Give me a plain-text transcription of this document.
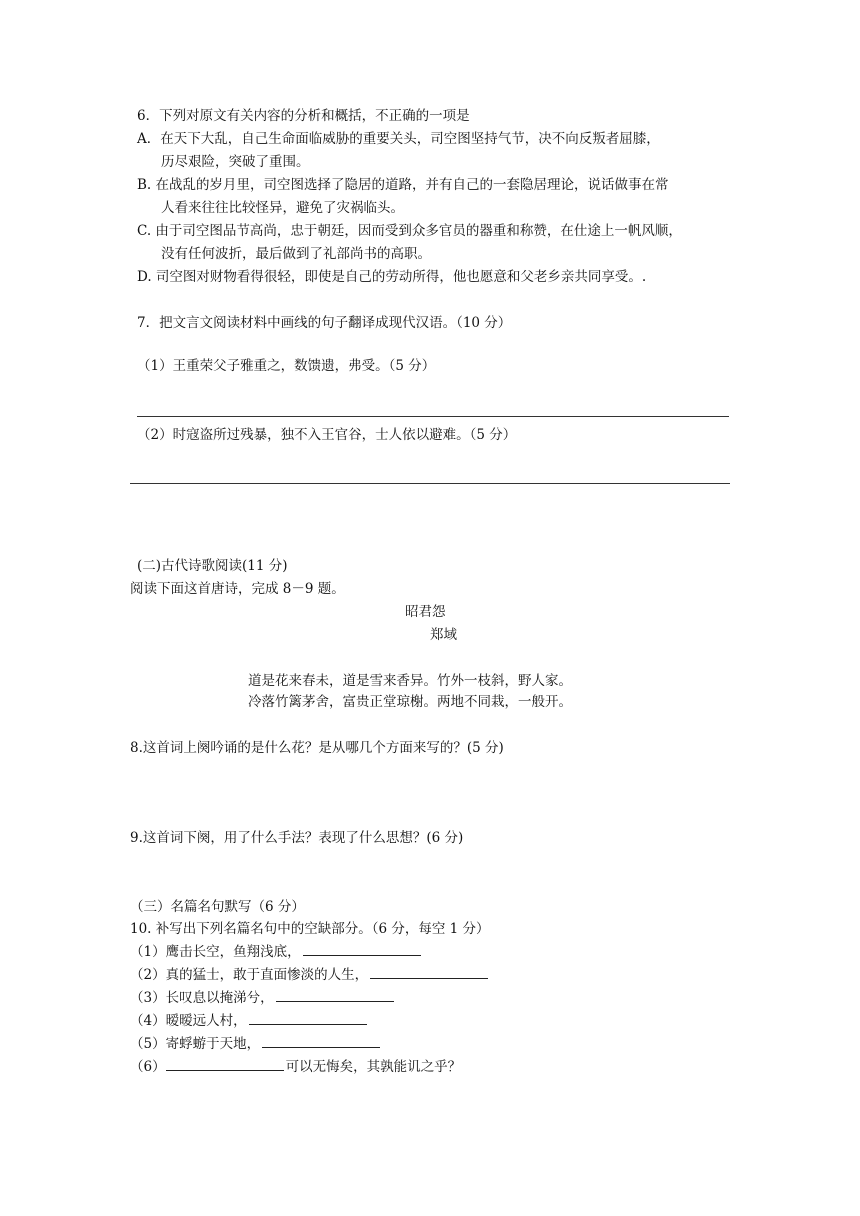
6．下列对原文有关内容的分析和概括，不正确的一项是
A．在天下大乱，自己生命面临威胁的重要关头，司空图坚持气节，决不向反叛者屈膝，
历尽艰险，突破了重围。
B. 在战乱的岁月里，司空图选择了隐居的道路，并有自己的一套隐居理论，说话做事在常
人看来往往比较怪异，避免了灾祸临头。
C. 由于司空图品节高尚，忠于朝廷，因而受到众多官员的器重和称赞，在仕途上一帆风顺，
没有任何波折，最后做到了礼部尚书的高职。
D. 司空图对财物看得很轻，即使是自己的劳动所得，他也愿意和父老乡亲共同享受。.
7．把文言文阅读材料中画线的句子翻译成现代汉语。（10 分）
（1）王重荣父子雅重之，数馈遗，弗受。（5 分）
（2）时寇盗所过残暴，独不入王官谷，士人依以避难。（5 分）
(二)古代诗歌阅读(11 分)
阅读下面这首唐诗，完成 8－9 题。
昭君怨
郑域
道是花来春未，道是雪来香异。竹外一枝斜，野人家。
冷落竹篱茅舍，富贵正堂琼榭。两地不同栽，一般开。
8.这首词上阕吟诵的是什么花？是从哪几个方面来写的？(5 分)
9.这首词下阕，用了什么手法？表现了什么思想？(6 分)
（三）名篇名句默写（6 分）
10. 补写出下列名篇名句中的空缺部分。（6 分，每空 1 分）
（1）鹰击长空，鱼翔浅底，
（2）真的猛士，敢于直面惨淡的人生，
（3）长叹息以掩涕兮，
（4）暧暧远人村，
（5）寄蜉蝣于天地，
（6）	可以无悔矣，其孰能讥之乎？
